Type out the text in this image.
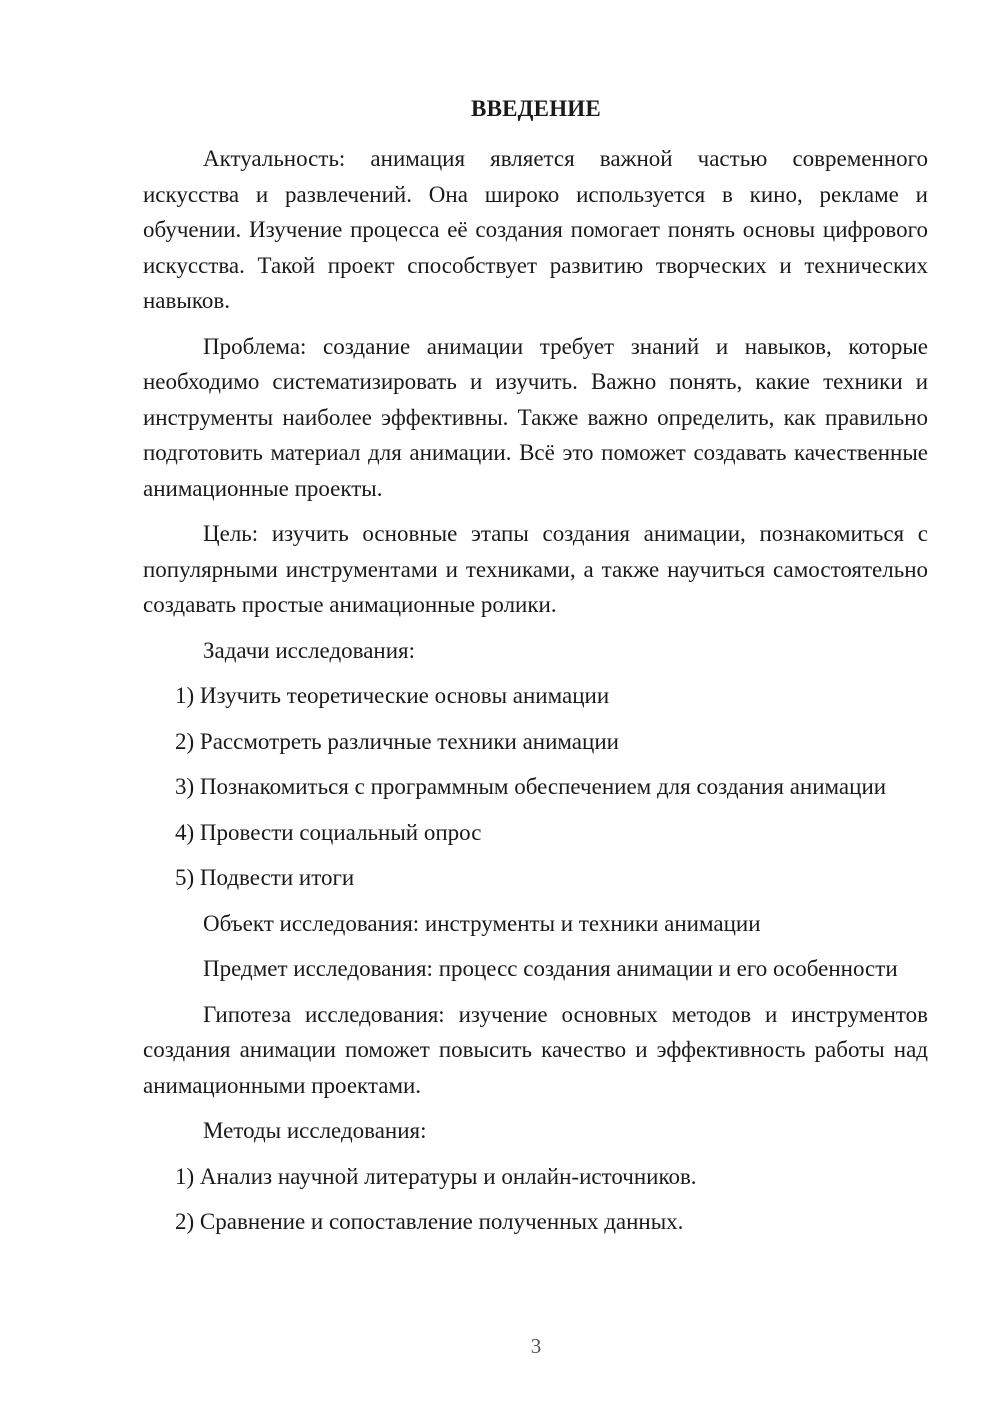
ВВЕДЕНИЕ

Актуальность: анимация является важной частью современного искусства и развлечений. Она широко используется в кино, рекламе и обучении. Изучение процесса её создания помогает понять основы цифрового искусства. Такой проект способствует развитию творческих и технических навыков.

Проблема: создание анимации требует знаний и навыков, которые необходимо систематизировать и изучить. Важно понять, какие техники и инструменты наиболее эффективны. Также важно определить, как правильно подготовить материал для анимации. Всё это поможет создавать качественные анимационные проекты.

Цель: изучить основные этапы создания анимации, познакомиться с популярными инструментами и техниками, а также научиться самостоятельно создавать простые анимационные ролики.

Задачи исследования:

1) Изучить теоретические основы анимации

2) Рассмотреть различные техники анимации

3) Познакомиться с программным обеспечением для создания анимации

4) Провести социальный опрос

5) Подвести итоги

Объект исследования: инструменты и техники анимации

Предмет исследования: процесс создания анимации и его особенности

Гипотеза исследования: изучение основных методов и инструментов создания анимации поможет повысить качество и эффективность работы над анимационными проектами.

Методы исследования:

1) Анализ научной литературы и онлайн-источников.

2) Сравнение и сопоставление полученных данных.

3
